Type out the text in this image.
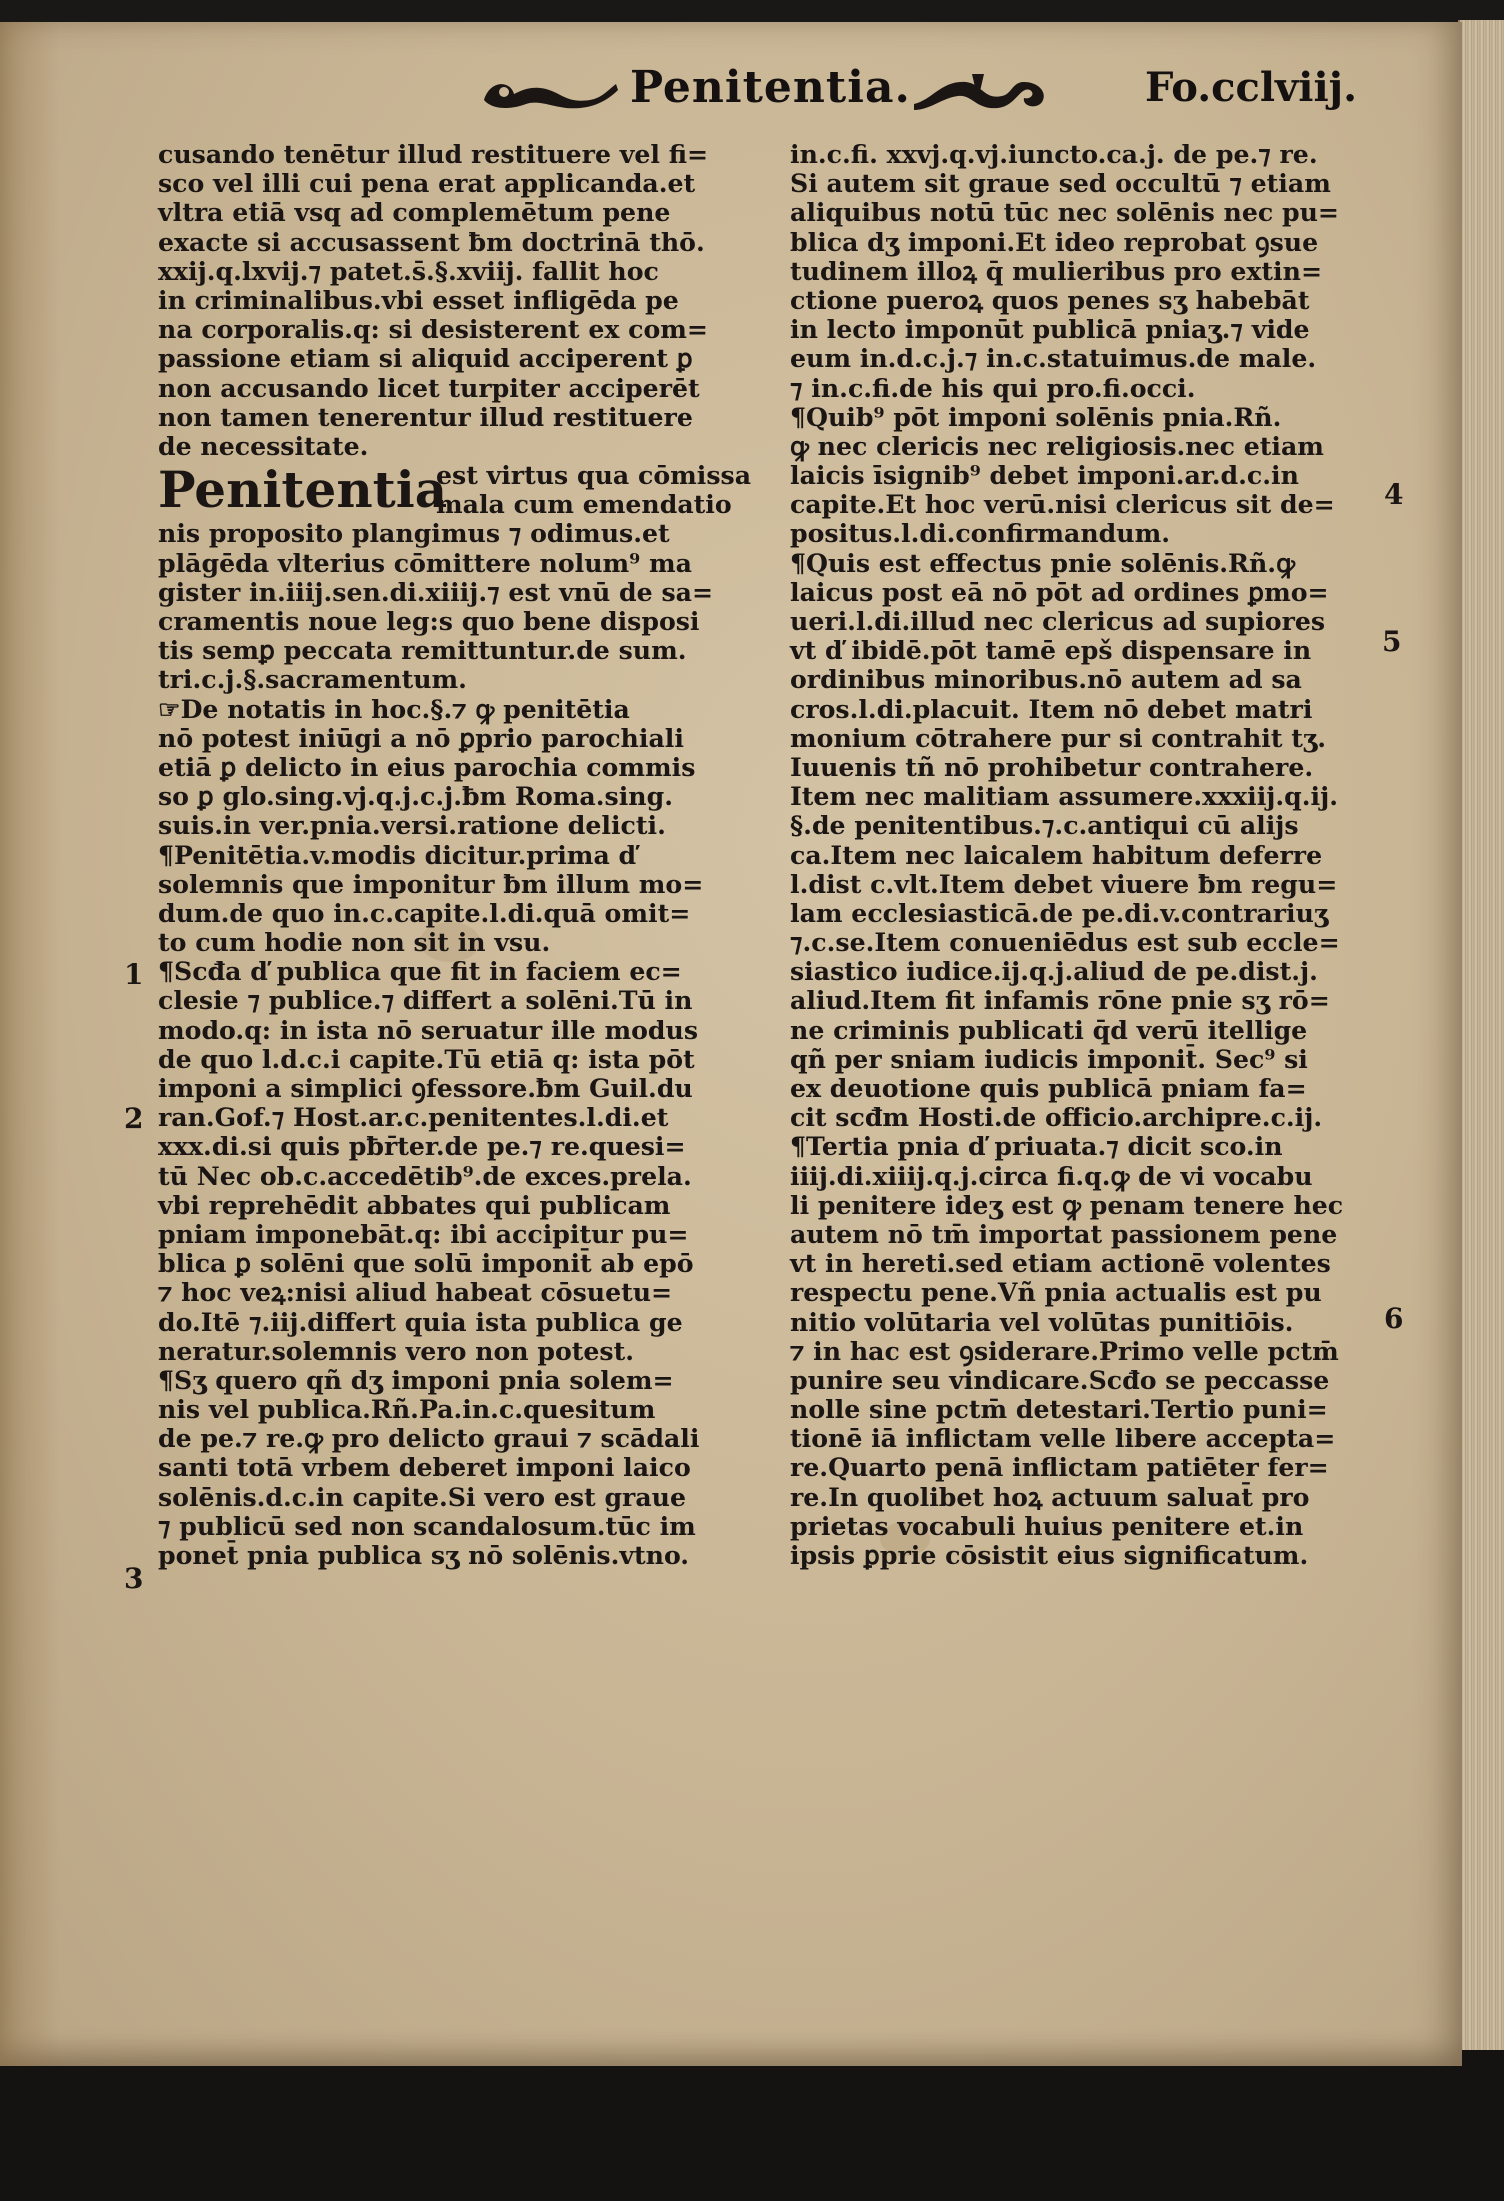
Penitentia.	Fo.cclviij.
cusando tenētur illud restituere vel fi=
sco vel illi cui pena erat applicanda.et
vltra etiā vsq ad complemētum pene
exacte si accusassent ƀm doctrinā thō.
xxij.q.lxvij.⁊ patet.s̄.§.xviij. fallit hoc
in criminalibus.vbi esset infligēda pe
na corporalis.q: si desisterent ex com=
passione etiam si aliquid acciperent ꝑ
non accusando licet turpiter acciperēt
non tamen tenerentur illud restituere
de necessitate.
Penitentia
est virtus qua cōmissa
mala cum emendatio
nis proposito plangimus ⁊ odimus.et
plāgēda vlterius cōmittere nolum⁹ ma
gister in.iiij.sen.di.xiiij.⁊ est vnū de sa=
cramentis noue leg:s quo bene disposi
tis semꝑ peccata remittuntur.de sum.
tri.c.j.§.sacramentum.
☞De notatis in hoc.§.⁊ ꝙ penitētia
nō potest iniūgi a nō ꝑprio parochiali
etiā ꝑ delicto in eius parochia commis
so ꝑ glo.sing.vj.q.j.c.j.ƀm Roma.sing.
suis.in ver.pnia.versi.ratione delicti.
¶Penitētia.v.modis dicitur.prima ď
solemnis que imponitur ƀm illum mo=
dum.de quo in.c.capite.l.di.quā omit=
to cum hodie non sit in vsu.
¶Scđa ď publica que fit in faciem ec=
clesie ⁊ publice.⁊ differt a solēni.Tū in
modo.q: in ista nō seruatur ille modus
de quo l.d.c.i capite.Tū etiā q: ista pōt
imponi a simplici ꝯfessore.ƀm Guil.du
ran.Gof.⁊ Host.ar.c.penitentes.l.di.et
xxx.di.si quis pƀr̄ter.de pe.⁊ re.quesi=
tū Nec ob.c.accedētib⁹.de exces.prela.
vbi reprehēdit abbates qui publicam
pniam imponebāt.q: ibi accipitur pu=
blica ꝑ solēni que solū imponit̄ ab epō
⁊ hoc veꝝ:nisi aliud habeat cōsuetu=
do.Itē ⁊.iij.differt quia ista publica ge
neratur.solemnis vero non potest.
¶Sʒ quero qñ dʒ imponi pnia solem=
nis vel publica.Rñ.Pa.in.c.quesitum
de pe.⁊ re.ꝙ pro delicto graui ⁊ scādali
santi totā vrbem deberet imponi laico
solēnis.d.c.in capite.Si vero est graue
⁊ publicū sed non scandalosum.tūc im
ponet̄ pnia publica sʒ nō solēnis.vtno.
1
2
3
in.c.fi. xxvj.q.vj.iuncto.ca.j. de pe.⁊ re.
Si autem sit graue sed occultū ⁊ etiam
aliquibus notū tūc nec solēnis nec pu=
blica dʒ imponi.Et ideo reprobat ꝯsue
tudinem illoꝝ q̄ mulieribus pro extin=
ctione pueroꝝ quos penes sʒ habebāt
in lecto imponūt publicā pniaʒ.⁊ vide
eum in.d.c.j.⁊ in.c.statuimus.de male.
⁊ in.c.fi.de his qui pro.fi.occi.
¶Quib⁹ pōt imponi solēnis pnia.Rñ.
ꝙ nec clericis nec religiosis.nec etiam
laicis īsignib⁹ debet imponi.ar.d.c.in
capite.Et hoc verū.nisi clericus sit de=
positus.l.di.confirmandum.
¶Quis est effectus pnie solēnis.Rñ.ꝙ
laicus post eā nō pōt ad ordines ꝑmo=
ueri.l.di.illud nec clericus ad supiores
vt ď ibidē.pōt tamē epš dispensare in
ordinibus minoribus.nō autem ad sa
cros.l.di.placuit. Item nō debet matri
monium cōtrahere pur si contrahit tʒ.
Iuuenis tñ nō prohibetur contrahere.
Item nec malitiam assumere.xxxiij.q.ij.
§.de penitentibus.⁊.c.antiqui cū alijs
ca.Item nec laicalem habitum deferre
l.dist c.vlt.Item debet viuere ƀm regu=
lam ecclesiasticā.de pe.di.v.contrariuʒ
⁊.c.se.Item conueniēdus est sub eccle=
siastico iudice.ij.q.j.aliud de pe.dist.j.
aliud.Item fit infamis rōne pnie sʒ rō=
ne criminis publicati q̄d verū itellige
qñ per sniam iudicis imponit̄. Sec⁹ si
ex deuotione quis publicā pniam fa=
cit scđm Hosti.de officio.archipre.c.ij.
¶Tertia pnia ď priuata.⁊ dicit sco.in
iiij.di.xiiij.q.j.circa fi.q.ꝙ de vi vocabu
li penitere ideʒ est ꝙ penam tenere hec
autem nō tm̄ importat passionem pene
vt in hereti.sed etiam actionē volentes
respectu pene.Vñ pnia actualis est pu
nitio volūtaria vel volūtas punitiōis.
⁊ in hac est ꝯsiderare.Primo velle pctm̄
punire seu vindicare.Scđo se peccasse
nolle sine pctm̄ detestari.Tertio puni=
tionē iā inflictam velle libere accepta=
re.Quarto penā inflictam patiēter fer=
re.In quolibet hoꝝ actuum saluat̄ pro
prietas vocabuli huius penitere et.in
ipsis ꝑprie cōsistit eius significatum.
4
5
6
